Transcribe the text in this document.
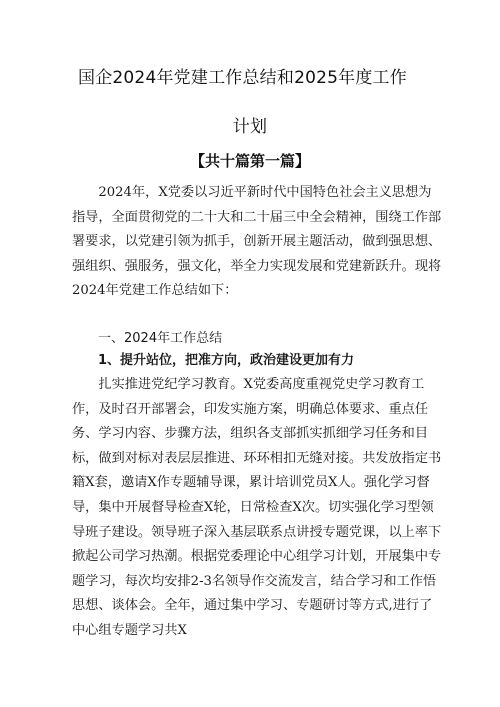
国企2024年党建工作总结和2025年度工作
计划
【共十篇第一篇】

2024年，X党委以习近平新时代中国特色社会主义思想为指导，全面贯彻党的二十大和二十届三中全会精神，围绕工作部署要求，以党建引领为抓手，创新开展主题活动，做到强思想、强组织、强服务，强文化，举全力实现发展和党建新跃升。现将2024年党建工作总结如下：

一、2024年工作总结
1、提升站位，把准方向，政治建设更加有力

扎实推进党纪学习教育。X党委高度重视党史学习教育工作，及时召开部署会，印发实施方案，明确总体要求、重点任务、学习内容、步骤方法，组织各支部抓实抓细学习任务和目标，做到对标对表层层推进、环环相扣无缝对接。共发放指定书籍X套，邀请X作专题辅导课，累计培训党员X人。强化学习督导，集中开展督导检查X轮，日常检查X次。切实强化学习型领导班子建设。领导班子深入基层联系点讲授专题党课，以上率下掀起公司学习热潮。根据党委理论中心组学习计划，开展集中专题学习，每次均安排2-3名领导作交流发言，结合学习和工作悟思想、谈体会。全年，通过集中学习、专题研讨等方式,进行了中心组专题学习共X
